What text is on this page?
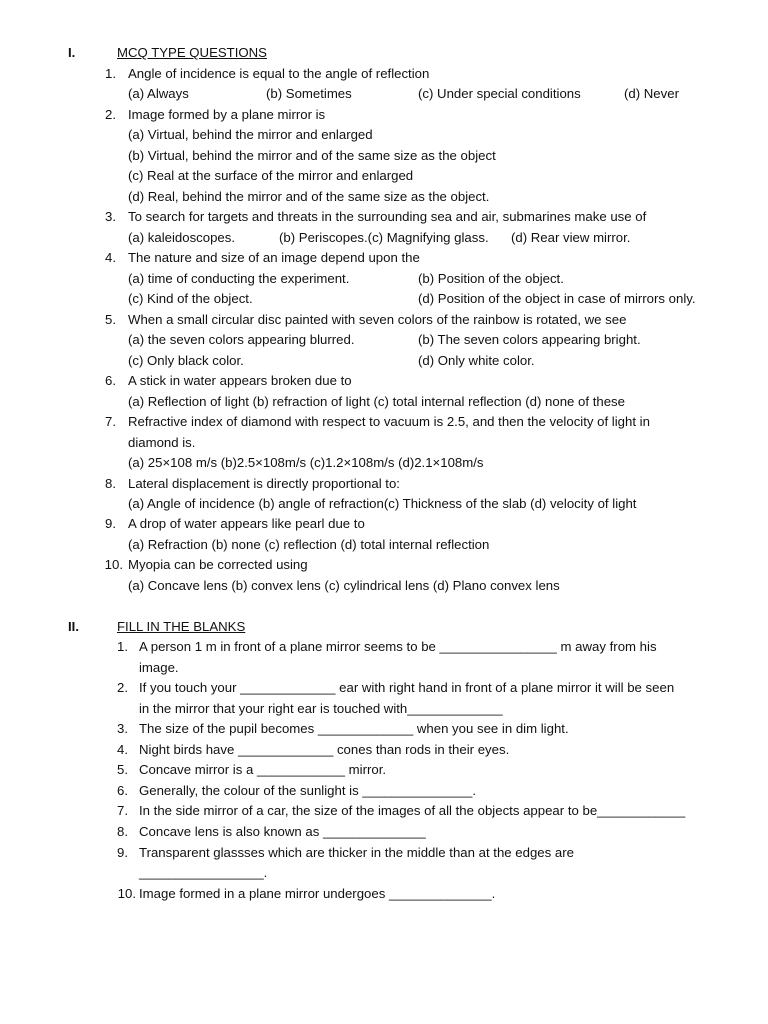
I.	MCQ TYPE QUESTIONS
1. Angle of incidence is equal to the angle of reflection
(a) Always	(b) Sometimes	(c) Under special conditions	(d) Never
2. Image formed by a plane mirror is
(a) Virtual, behind the mirror and enlarged
(b) Virtual, behind the mirror and of the same size as the object
(c) Real at the surface of the mirror and enlarged
(d) Real, behind the mirror and of the same size as the object.
3. To search for targets and threats in the surrounding sea and air, submarines make use of
(a) kaleidoscopes.	(b) Periscopes.(c) Magnifying glass. (d) Rear view mirror.
4. The nature and size of an image depend upon the
(a) time of conducting the experiment.	(b) Position of the object.
(c) Kind of the object.	(d) Position of the object in case of mirrors only.
5. When a small circular disc painted with seven colors of the rainbow is rotated, we see
(a) the seven colors appearing blurred.	(b) The seven colors appearing bright.
(c) Only black color.	(d) Only white color.
6. A stick in water appears broken due to
(a) Reflection of light (b) refraction of light (c) total internal reflection (d) none of these
7. Refractive index of diamond with respect to vacuum is 2.5, and then the velocity of light in
diamond is.
(a) 25×108 m/s (b)2.5×108m/s (c)1.2×108m/s (d)2.1×108m/s
8. Lateral displacement is directly proportional to:
(a) Angle of incidence (b) angle of refraction(c) Thickness of the slab (d) velocity of light
9. A drop of water appears like pearl due to
(a) Refraction (b) none (c) reflection (d) total internal reflection
10. Myopia can be corrected using
(a) Concave lens (b) convex lens (c) cylindrical lens (d) Plano convex lens
II.	FILL IN THE BLANKS
1. A person 1 m in front of a plane mirror seems to be ________________ m away from his
image.
2. If you touch your _____________ ear with right hand in front of a plane mirror it will be seen
in the mirror that your right ear is touched with_____________
3. The size of the pupil becomes _____________ when you see in dim light.
4. Night birds have _____________ cones than rods in their eyes.
5. Concave mirror is a ____________ mirror.
6. Generally, the colour of the sunlight is _______________.
7. In the side mirror of a car, the size of the images of all the objects appear to be____________
8. Concave lens is also known as ______________
9. Transparent glassses which are thicker in the middle than at the edges are
_________________.
10. Image formed in a plane mirror undergoes ______________.
